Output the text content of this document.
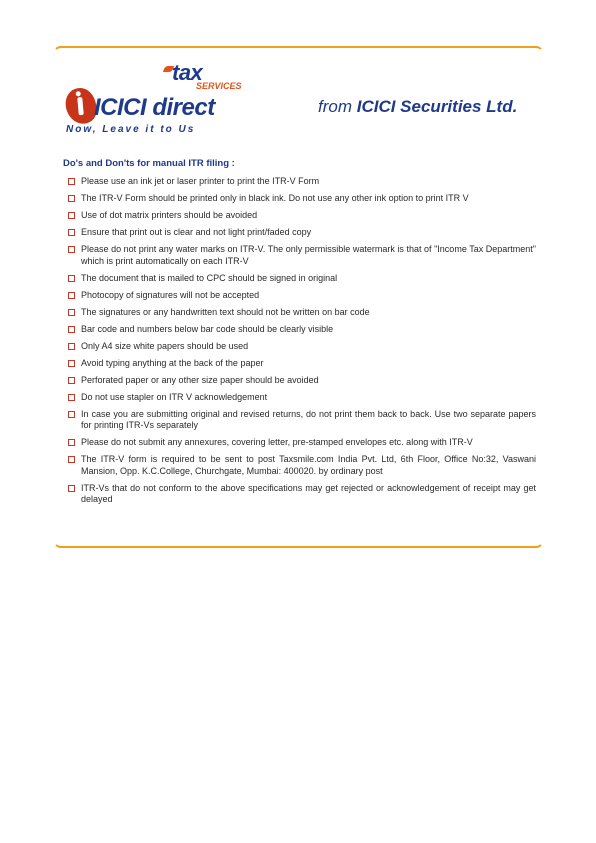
tax
SERVICES
ICICI direct
Now, Leave it to Us
from ICICI Securities Ltd.
Do's and Don'ts for manual ITR filing :
Please use an ink jet or laser printer to print the ITR-V Form
The ITR-V Form should be printed only in black ink. Do not use any other ink option to print ITR V
Use of dot matrix printers should be avoided
Ensure that print out is clear and not light print/faded copy
Please do not print any water marks on ITR-V. The only permissible watermark is that of "Income Tax Department" which is print automatically on each ITR-V
The document that is mailed to CPC should be signed in original
Photocopy of signatures will not be accepted
The signatures or any handwritten text should not be written on bar code
Bar code and numbers below bar code should be clearly visible
Only A4 size white papers should be used
Avoid typing anything at the back of the paper
Perforated paper or any other size paper should be avoided
Do not use stapler on ITR V acknowledgement
In case you are submitting original and revised returns, do not print them back to back. Use two separate papers for printing ITR-Vs separately
Please do not submit any annexures, covering letter, pre-stamped envelopes etc. along with ITR-V
The ITR-V form is required to be sent to post Taxsmile.com India Pvt. Ltd, 6th Floor, Office No:32, Vaswani Mansion, Opp. K.C.College, Churchgate, Mumbai: 400020. by ordinary post
ITR-Vs that do not conform to the above specifications may get rejected or acknowledgement of receipt may get delayed
